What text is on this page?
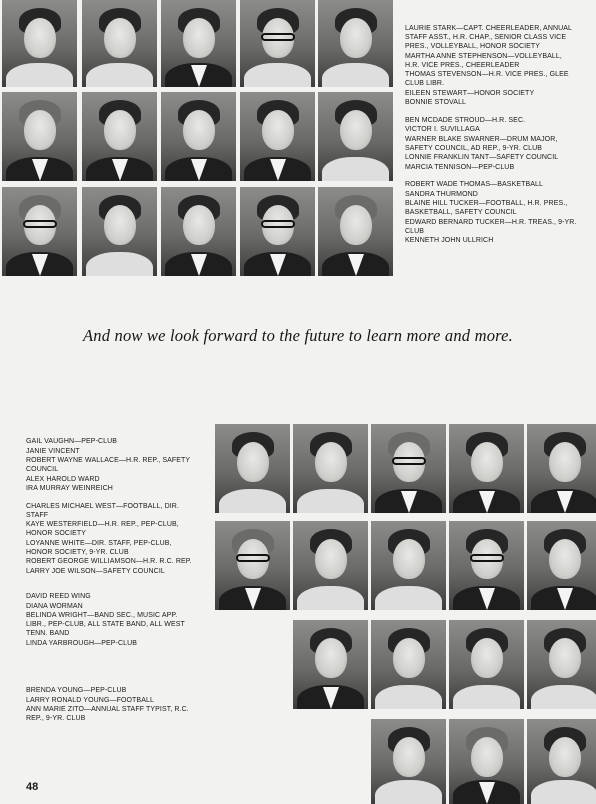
LAURIE STARK—CAPT. CHEERLEADER, ANNUAL STAFF ASST., H.R. CHAP., SENIOR CLASS VICE PRES., VOLLEYBALL, HONOR SOCIETY

MARTHA ANNE STEPHENSON—VOLLEYBALL, H.R. VICE PRES., CHEERLEADER

THOMAS STEVENSON—H.R. VICE PRES., GLEE CLUB LIBR.

EILEEN STEWART—HONOR SOCIETY

BONNIE STOVALL

BEN MCDADE STROUD—H.R. SEC.

VICTOR I. SUVILLAGA

WARNER BLAKE SWARNER—DRUM MAJOR, SAFETY COUNCIL, AD REP., 9-YR. CLUB

LONNIE FRANKLIN TANT—SAFETY COUNCIL

MARCIA TENNISON—PEP-CLUB

ROBERT WADE THOMAS—BASKETBALL

SANDRA THURMOND

BLAINE HILL TUCKER—FOOTBALL, H.R. PRES., BASKETBALL, SAFETY COUNCIL

EDWARD BERNARD TUCKER—H.R. TREAS., 9-YR. CLUB

KENNETH JOHN ULLRICH

And now we look forward to the future to learn more and more.

GAIL VAUGHN—PEP-CLUB

JANIE VINCENT

ROBERT WAYNE WALLACE—H.R. REP., SAFETY COUNCIL

ALEX HAROLD WARD

IRA MURRAY WEINREICH

CHARLES MICHAEL WEST—FOOTBALL, DIR. STAFF

KAYE WESTERFIELD—H.R. REP., PEP-CLUB, HONOR SOCIETY

LOYANNE WHITE—DIR. STAFF, PEP-CLUB, HONOR SOCIETY, 9-YR. CLUB

ROBERT GEORGE WILLIAMSON—H.R. R.C. REP.

LARRY JOE WILSON—SAFETY COUNCIL

DAVID REED WING

DIANA WORMAN

BELINDA WRIGHT—BAND SEC., MUSIC APP. LIBR., PEP-CLUB, ALL STATE BAND, ALL WEST TENN. BAND

LINDA YARBROUGH—PEP-CLUB

BRENDA YOUNG—PEP-CLUB

LARRY RONALD YOUNG—FOOTBALL

ANN MARIE ZITO—ANNUAL STAFF TYPIST, R.C. REP., 9-YR. CLUB

48
